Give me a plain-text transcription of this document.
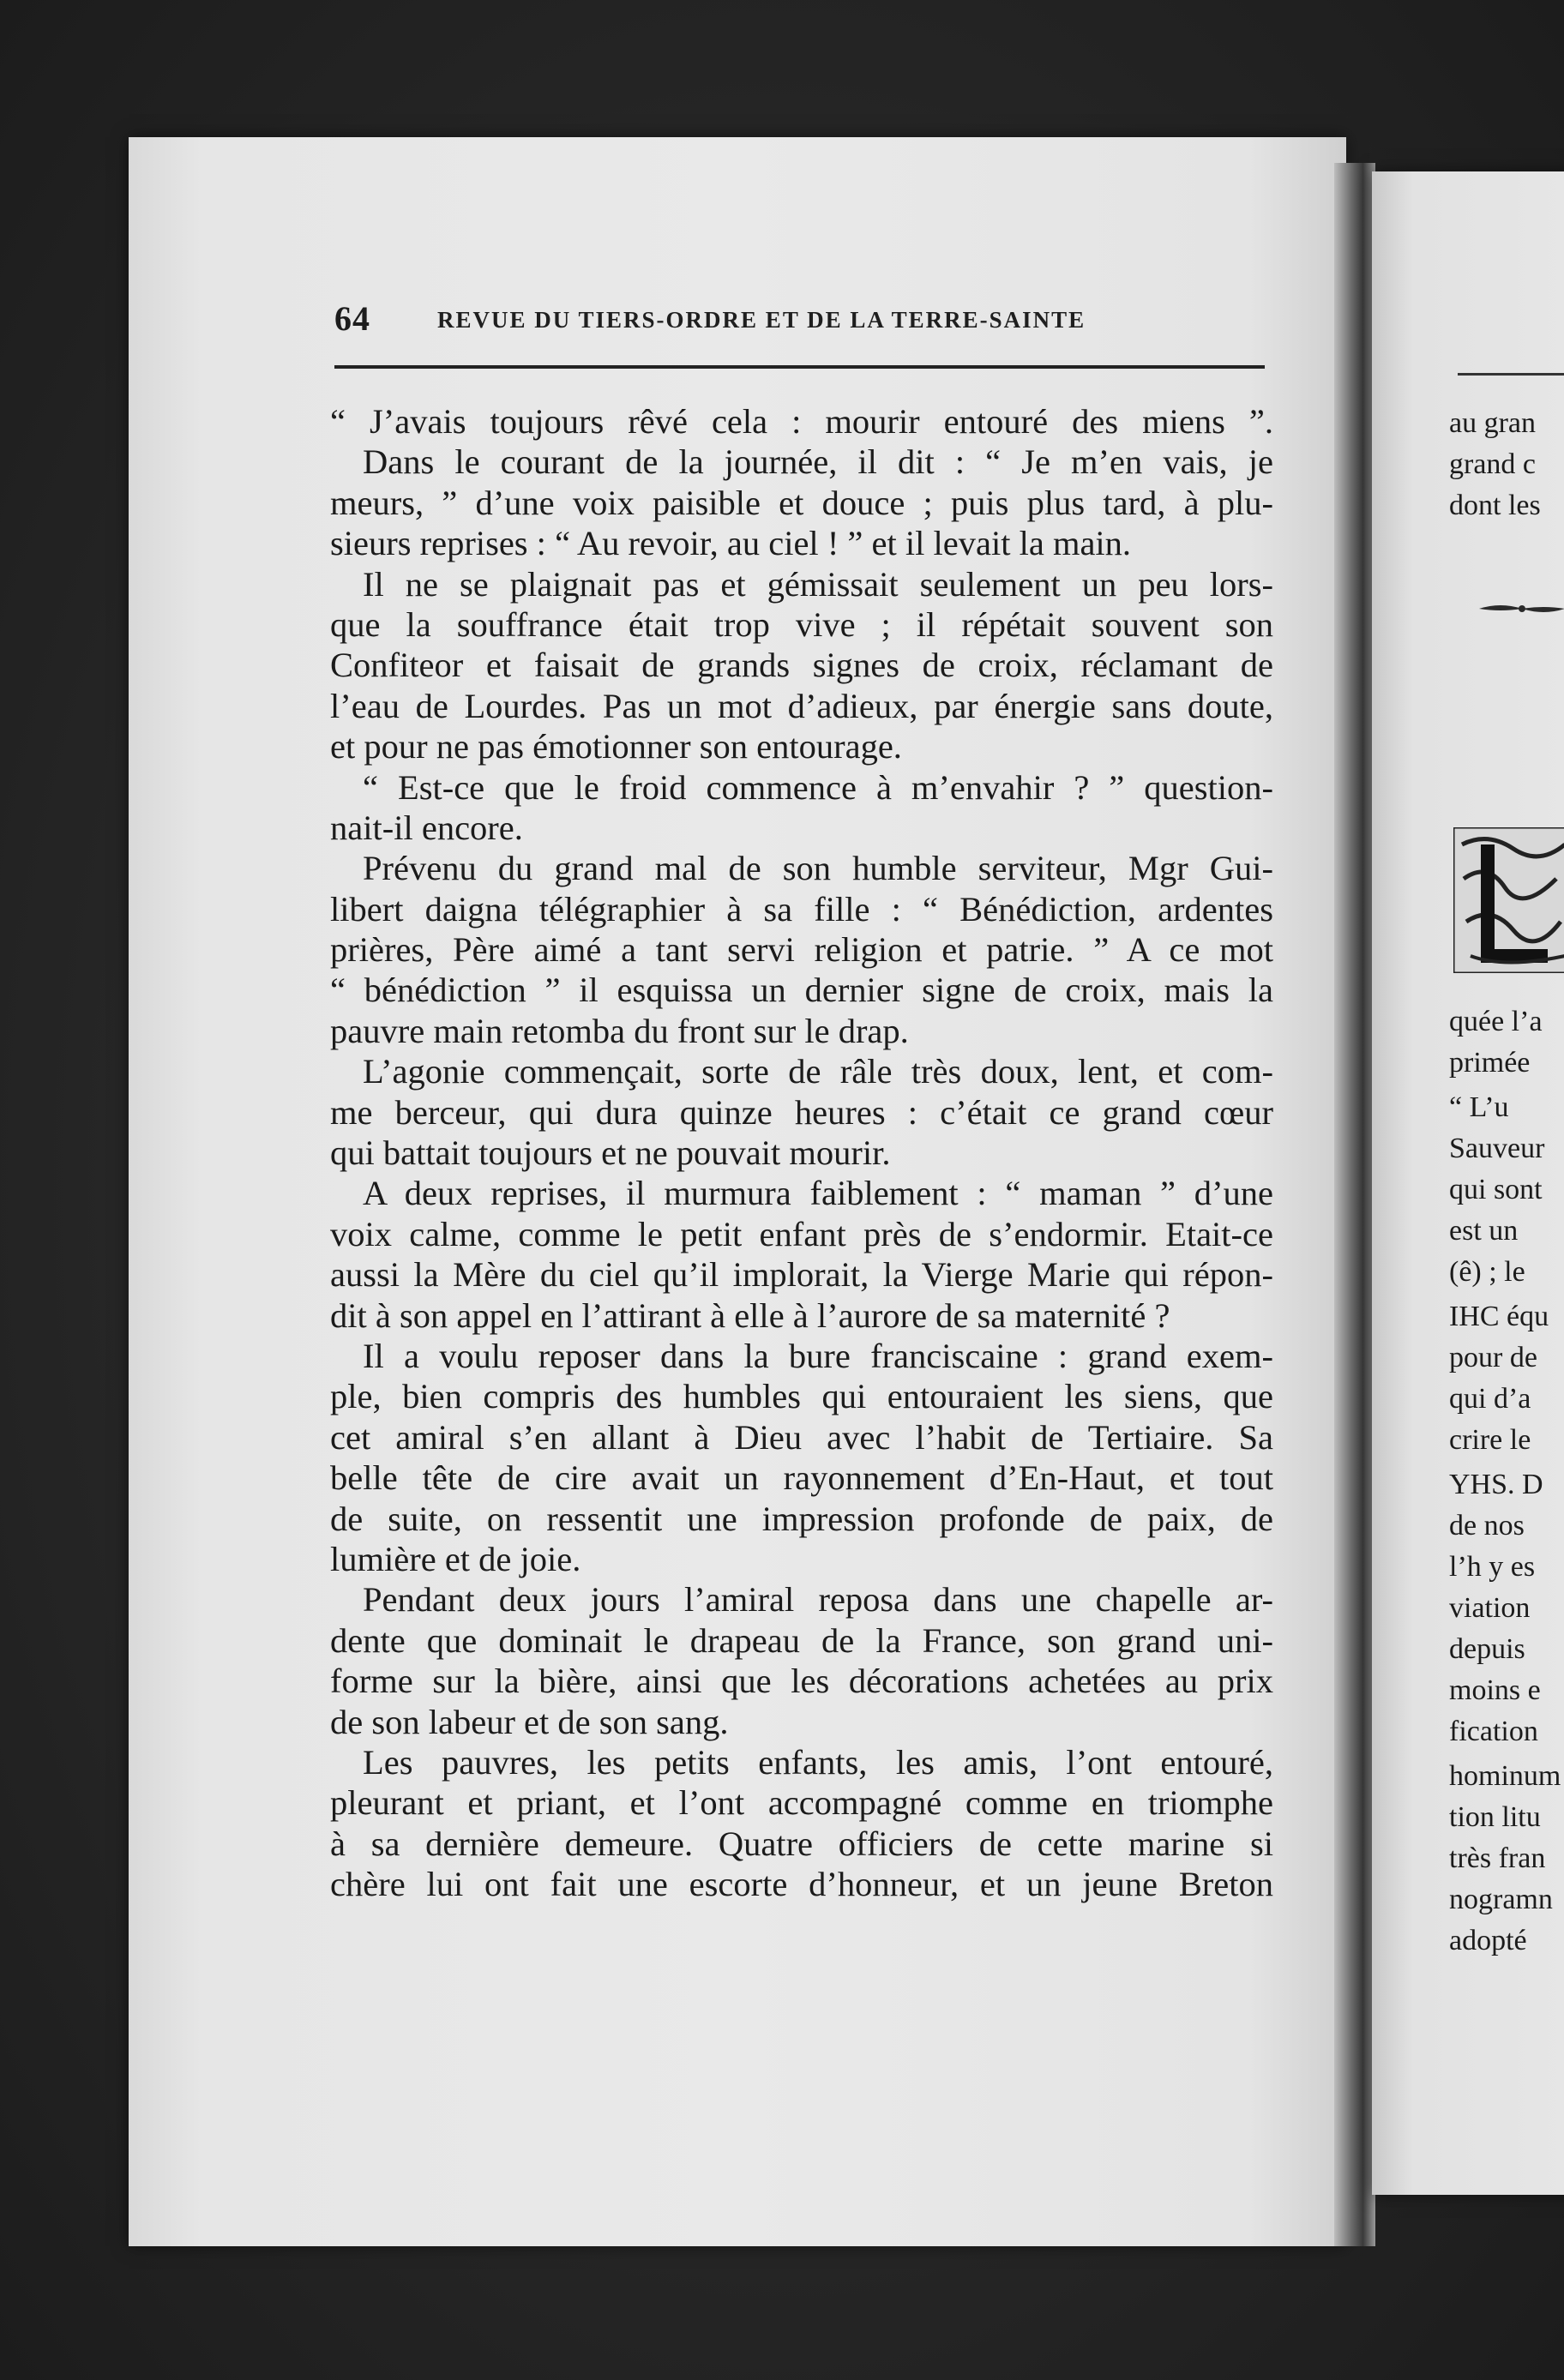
64	REVUE DU TIERS-ORDRE ET DE LA TERRE-SAINTE
“ J’avais toujours rêvé cela : mourir entouré des miens ”.
Dans le courant de la journée, il dit : “ Je m’en vais, je
meurs, ” d’une voix paisible et douce ; puis plus tard, à plu-
sieurs reprises : “ Au revoir, au ciel ! ” et il levait la main.
Il ne se plaignait pas et gémissait seulement un peu lors-
que la souffrance était trop vive ; il répétait souvent son
Confiteor et faisait de grands signes de croix, réclamant de
l’eau de Lourdes. Pas un mot d’adieux, par énergie sans doute,
et pour ne pas émotionner son entourage.
“ Est-ce que le froid commence à m’envahir ? ” question-
nait-il encore.
Prévenu du grand mal de son humble serviteur, Mgr Gui-
libert daigna télégraphier à sa fille : “ Bénédiction, ardentes
prières, Père aimé a tant servi religion et patrie. ” A ce mot
“ bénédiction ” il esquissa un dernier signe de croix, mais la
pauvre main retomba du front sur le drap.
L’agonie commençait, sorte de râle très doux, lent, et com-
me berceur, qui dura quinze heures : c’était ce grand cœur
qui battait toujours et ne pouvait mourir.
A deux reprises, il murmura faiblement : “ maman ” d’une
voix calme, comme le petit enfant près de s’endormir. Etait-ce
aussi la Mère du ciel qu’il implorait, la Vierge Marie qui répon-
dit à son appel en l’attirant à elle à l’aurore de sa maternité ?
Il a voulu reposer dans la bure franciscaine : grand exem-
ple, bien compris des humbles qui entouraient les siens, que
cet amiral s’en allant à Dieu avec l’habit de Tertiaire. Sa
belle tête de cire avait un rayonnement d’En-Haut, et tout
de suite, on ressentit une impression profonde de paix, de
lumière et de joie.
Pendant deux jours l’amiral reposa dans une chapelle ar-
dente que dominait le drapeau de la France, son grand uni-
forme sur la bière, ainsi que les décorations achetées au prix
de son labeur et de son sang.
Les pauvres, les petits enfants, les amis, l’ont entouré,
pleurant et priant, et l’ont accompagné comme en triomphe
à sa dernière demeure. Quatre officiers de cette marine si
chère lui ont fait une escorte d’honneur, et un jeune Breton
au gran
grand c
dont les
quée l’a
primée
“ L’u
Sauveur
qui sont
est un
(ê) ; le
IHC équ
pour de
qui d’a
crire le
YHS. D
de nos
l’h y es
viation
depuis
moins e
fication
hominum
tion litu
très fran
nogramn
adopté
